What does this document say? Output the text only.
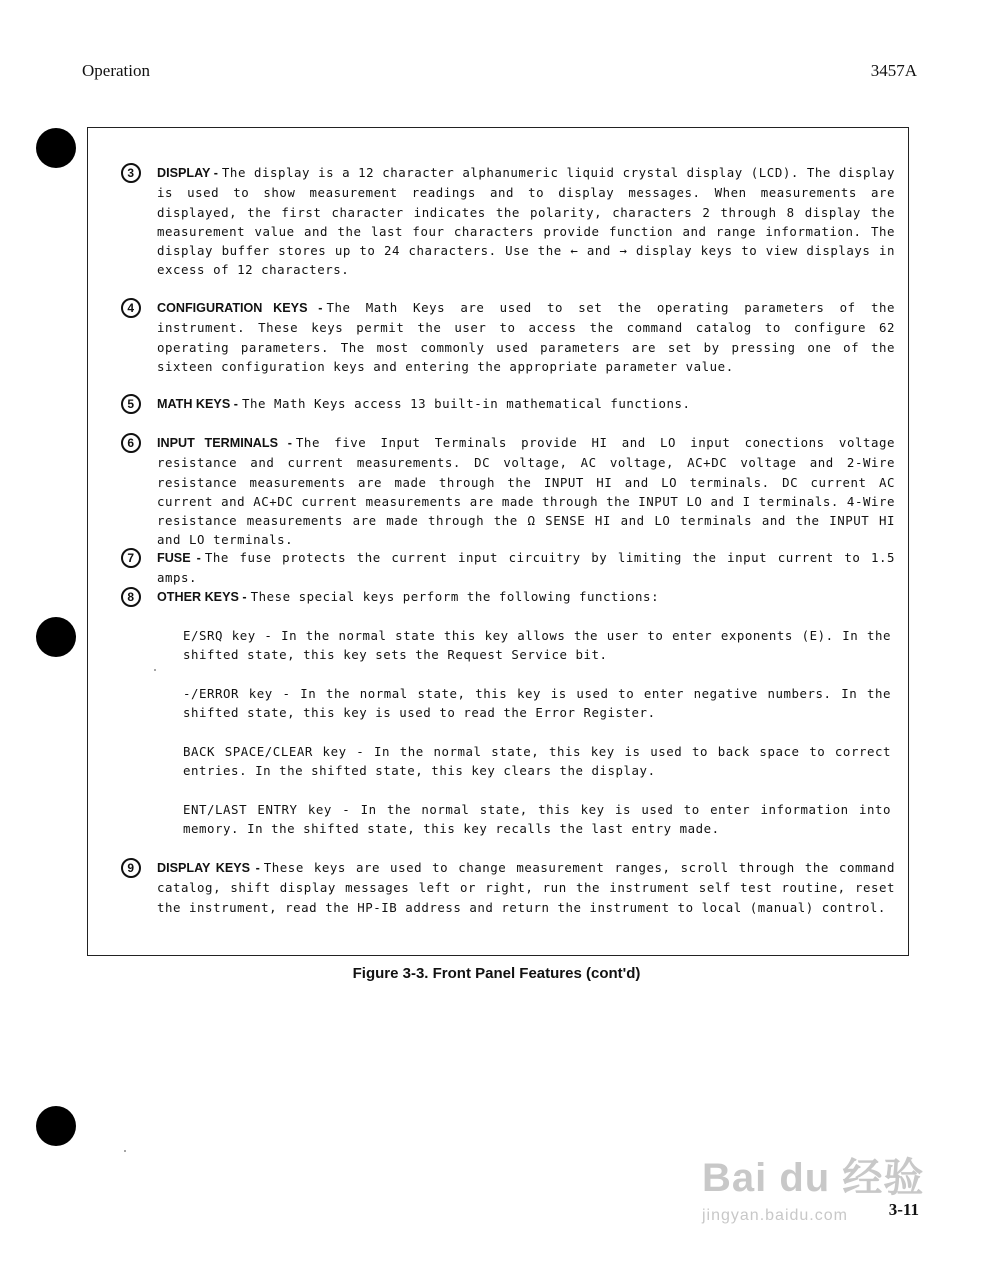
Operation	3457A
3	DISPLAY - The display is a 12 character alphanumeric liquid crystal display (LCD). The display is used to show measurement readings and to display messages. When measurements are displayed, the first character indicates the polarity, characters 2 through 8 display the measurement value and the last four characters provide function and range information. The display buffer stores up to 24 characters. Use the ← and → display keys to view displays in excess of 12 characters.
4	CONFIGURATION KEYS - The Math Keys are used to set the operating parameters of the instrument. These keys permit the user to access the command catalog to configure 62 operating parameters. The most commonly used parameters are set by pressing one of the sixteen configuration keys and entering the appropriate parameter value.
5	MATH KEYS - The Math Keys access 13 built-in mathematical functions.
6	INPUT TERMINALS - The five Input Terminals provide HI and LO input conections voltage resistance and current measurements. DC voltage, AC voltage, AC+DC voltage and 2-Wire resistance measurements are made through the INPUT HI and LO terminals. DC current AC current and AC+DC current measurements are made through the INPUT LO and I terminals. 4-Wire resistance measurements are made through the Ω SENSE HI and LO terminals and the INPUT HI and LO terminals.
7	FUSE - The fuse protects the current input circuitry by limiting the input current to 1.5 amps.
8	OTHER KEYS - These special keys perform the following functions:
E/SRQ key - In the normal state this key allows the user to enter exponents (E). In the shifted state, this key sets the Request Service bit.
-/ERROR key - In the normal state, this key is used to enter negative numbers. In the shifted state, this key is used to read the Error Register.
BACK SPACE/CLEAR key - In the normal state, this key is used to back space to correct entries. In the shifted state, this key clears the display.
ENT/LAST ENTRY key - In the normal state, this key is used to enter information into memory. In the shifted state, this key recalls the last entry made.
9	DISPLAY KEYS - These keys are used to change measurement ranges, scroll through the command catalog, shift display messages left or right, run the instrument self test routine, reset the instrument, read the HP-IB address and return the instrument to local (manual) control.
Figure 3-3. Front Panel Features (cont'd)
Bai du 经验
jingyan.baidu.com	3-11
